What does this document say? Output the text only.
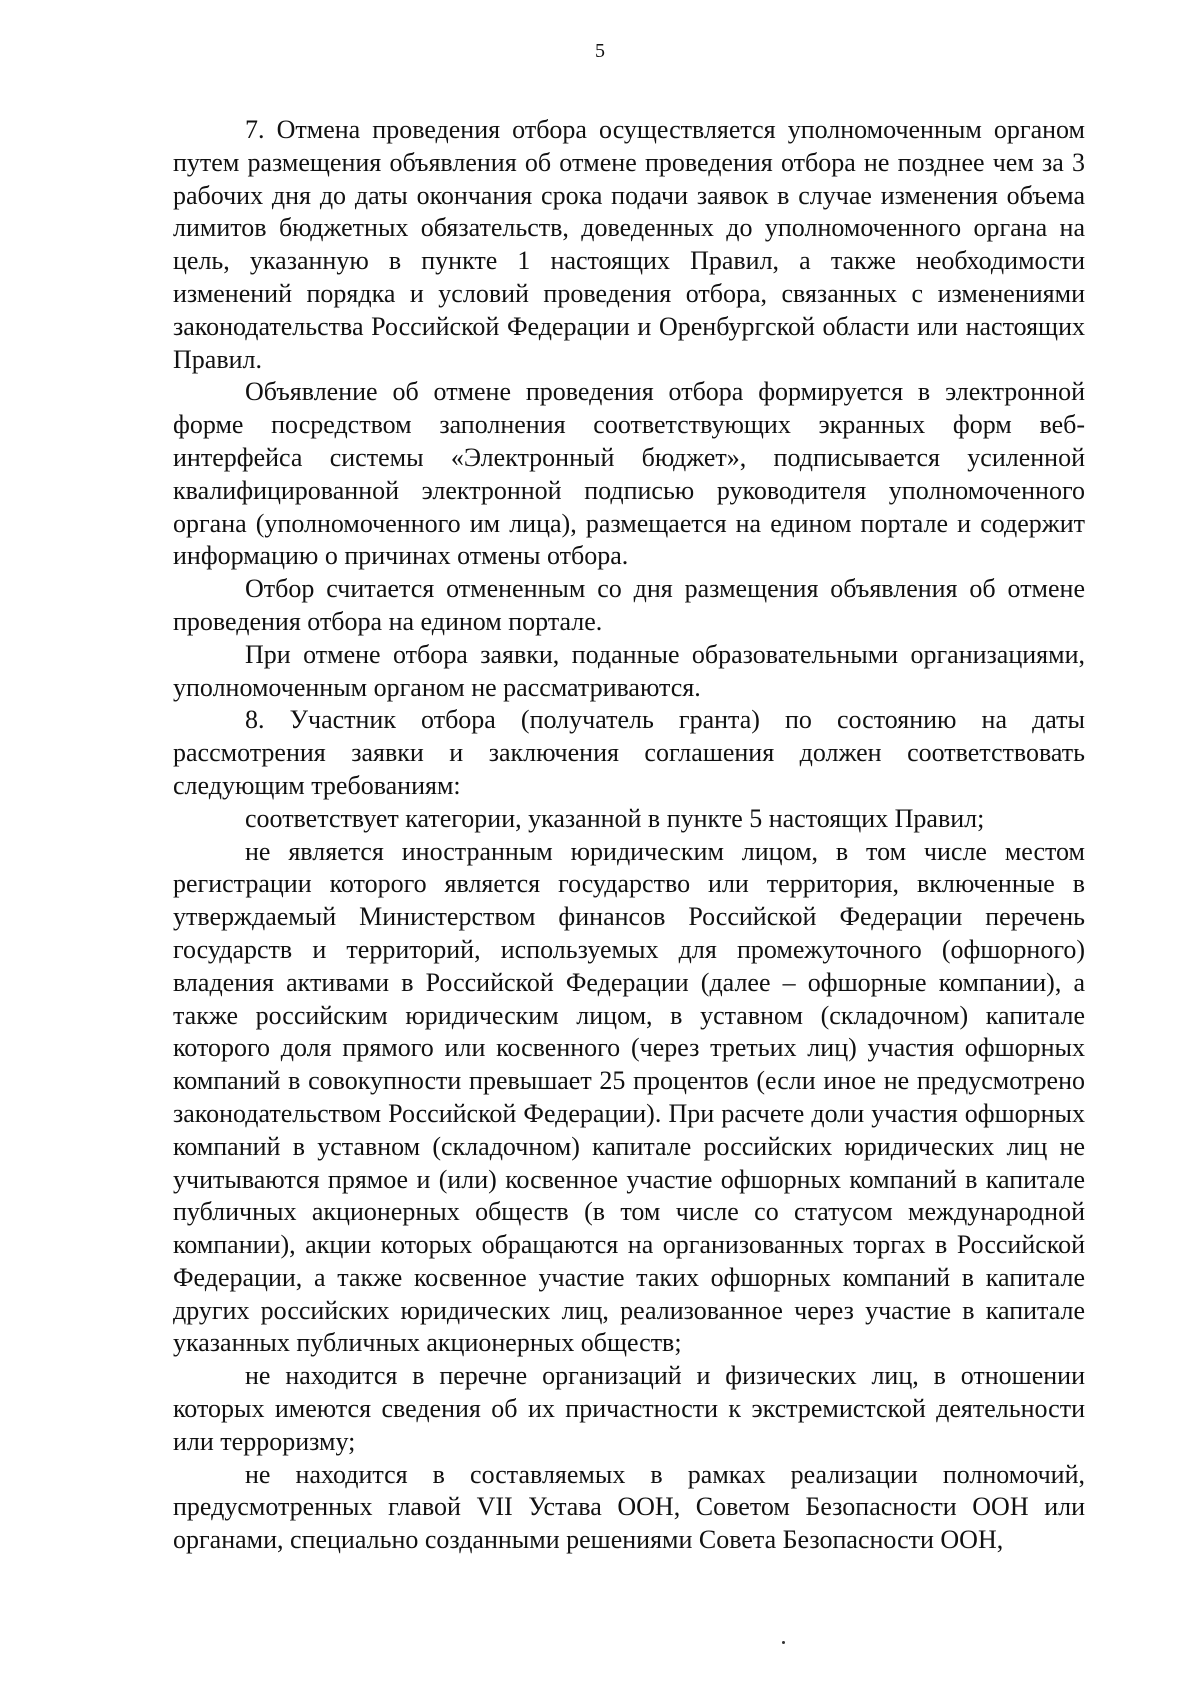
5

7. Отмена проведения отбора осуществляется уполномоченным органом путем размещения объявления об отмене проведения отбора не позднее чем за 3 рабочих дня до даты окончания срока подачи заявок в случае изменения объема лимитов бюджетных обязательств, доведенных до уполномоченного органа на цель, указанную в пункте 1 настоящих Правил, а также необходимости изменений порядка и условий проведения отбора, связанных с изменениями законодательства Российской Федерации и Оренбургской области или настоящих Правил.

Объявление об отмене проведения отбора формируется в электронной форме посредством заполнения соответствующих экранных форм веб-интерфейса системы «Электронный бюджет», подписывается усиленной квалифицированной электронной подписью руководителя уполномоченного органа (уполномоченного им лица), размещается на едином портале и содержит информацию о причинах отмены отбора.

Отбор считается отмененным со дня размещения объявления об отмене проведения отбора на едином портале.

При отмене отбора заявки, поданные образовательными организациями, уполномоченным органом не рассматриваются.

8. Участник отбора (получатель гранта) по состоянию на даты рассмотрения заявки и заключения соглашения должен соответствовать следующим требованиям:

соответствует категории, указанной в пункте 5 настоящих Правил;

не является иностранным юридическим лицом, в том числе местом регистрации которого является государство или территория, включенные в утверждаемый Министерством финансов Российской Федерации перечень государств и территорий, используемых для промежуточного (офшорного) владения активами в Российской Федерации (далее – офшорные компании), а также российским юридическим лицом, в уставном (складочном) капитале которого доля прямого или косвенного (через третьих лиц) участия офшорных компаний в совокупности превышает 25 процентов (если иное не предусмотрено законодательством Российской Федерации). При расчете доли участия офшорных компаний в уставном (складочном) капитале российских юридических лиц не учитываются прямое и (или) косвенное участие офшорных компаний в капитале публичных акционерных обществ (в том числе со статусом международной компании), акции которых обращаются на организованных торгах в Российской Федерации, а также косвенное участие таких офшорных компаний в капитале других российских юридических лиц, реализованное через участие в капитале указанных публичных акционерных обществ;

не находится в перечне организаций и физических лиц, в отношении которых имеются сведения об их причастности к экстремистской деятельности или терроризму;

не находится в составляемых в рамках реализации полномочий, предусмотренных главой VII Устава ООН, Советом Безопасности ООН или органами, специально созданными решениями Совета Безопасности ООН,
